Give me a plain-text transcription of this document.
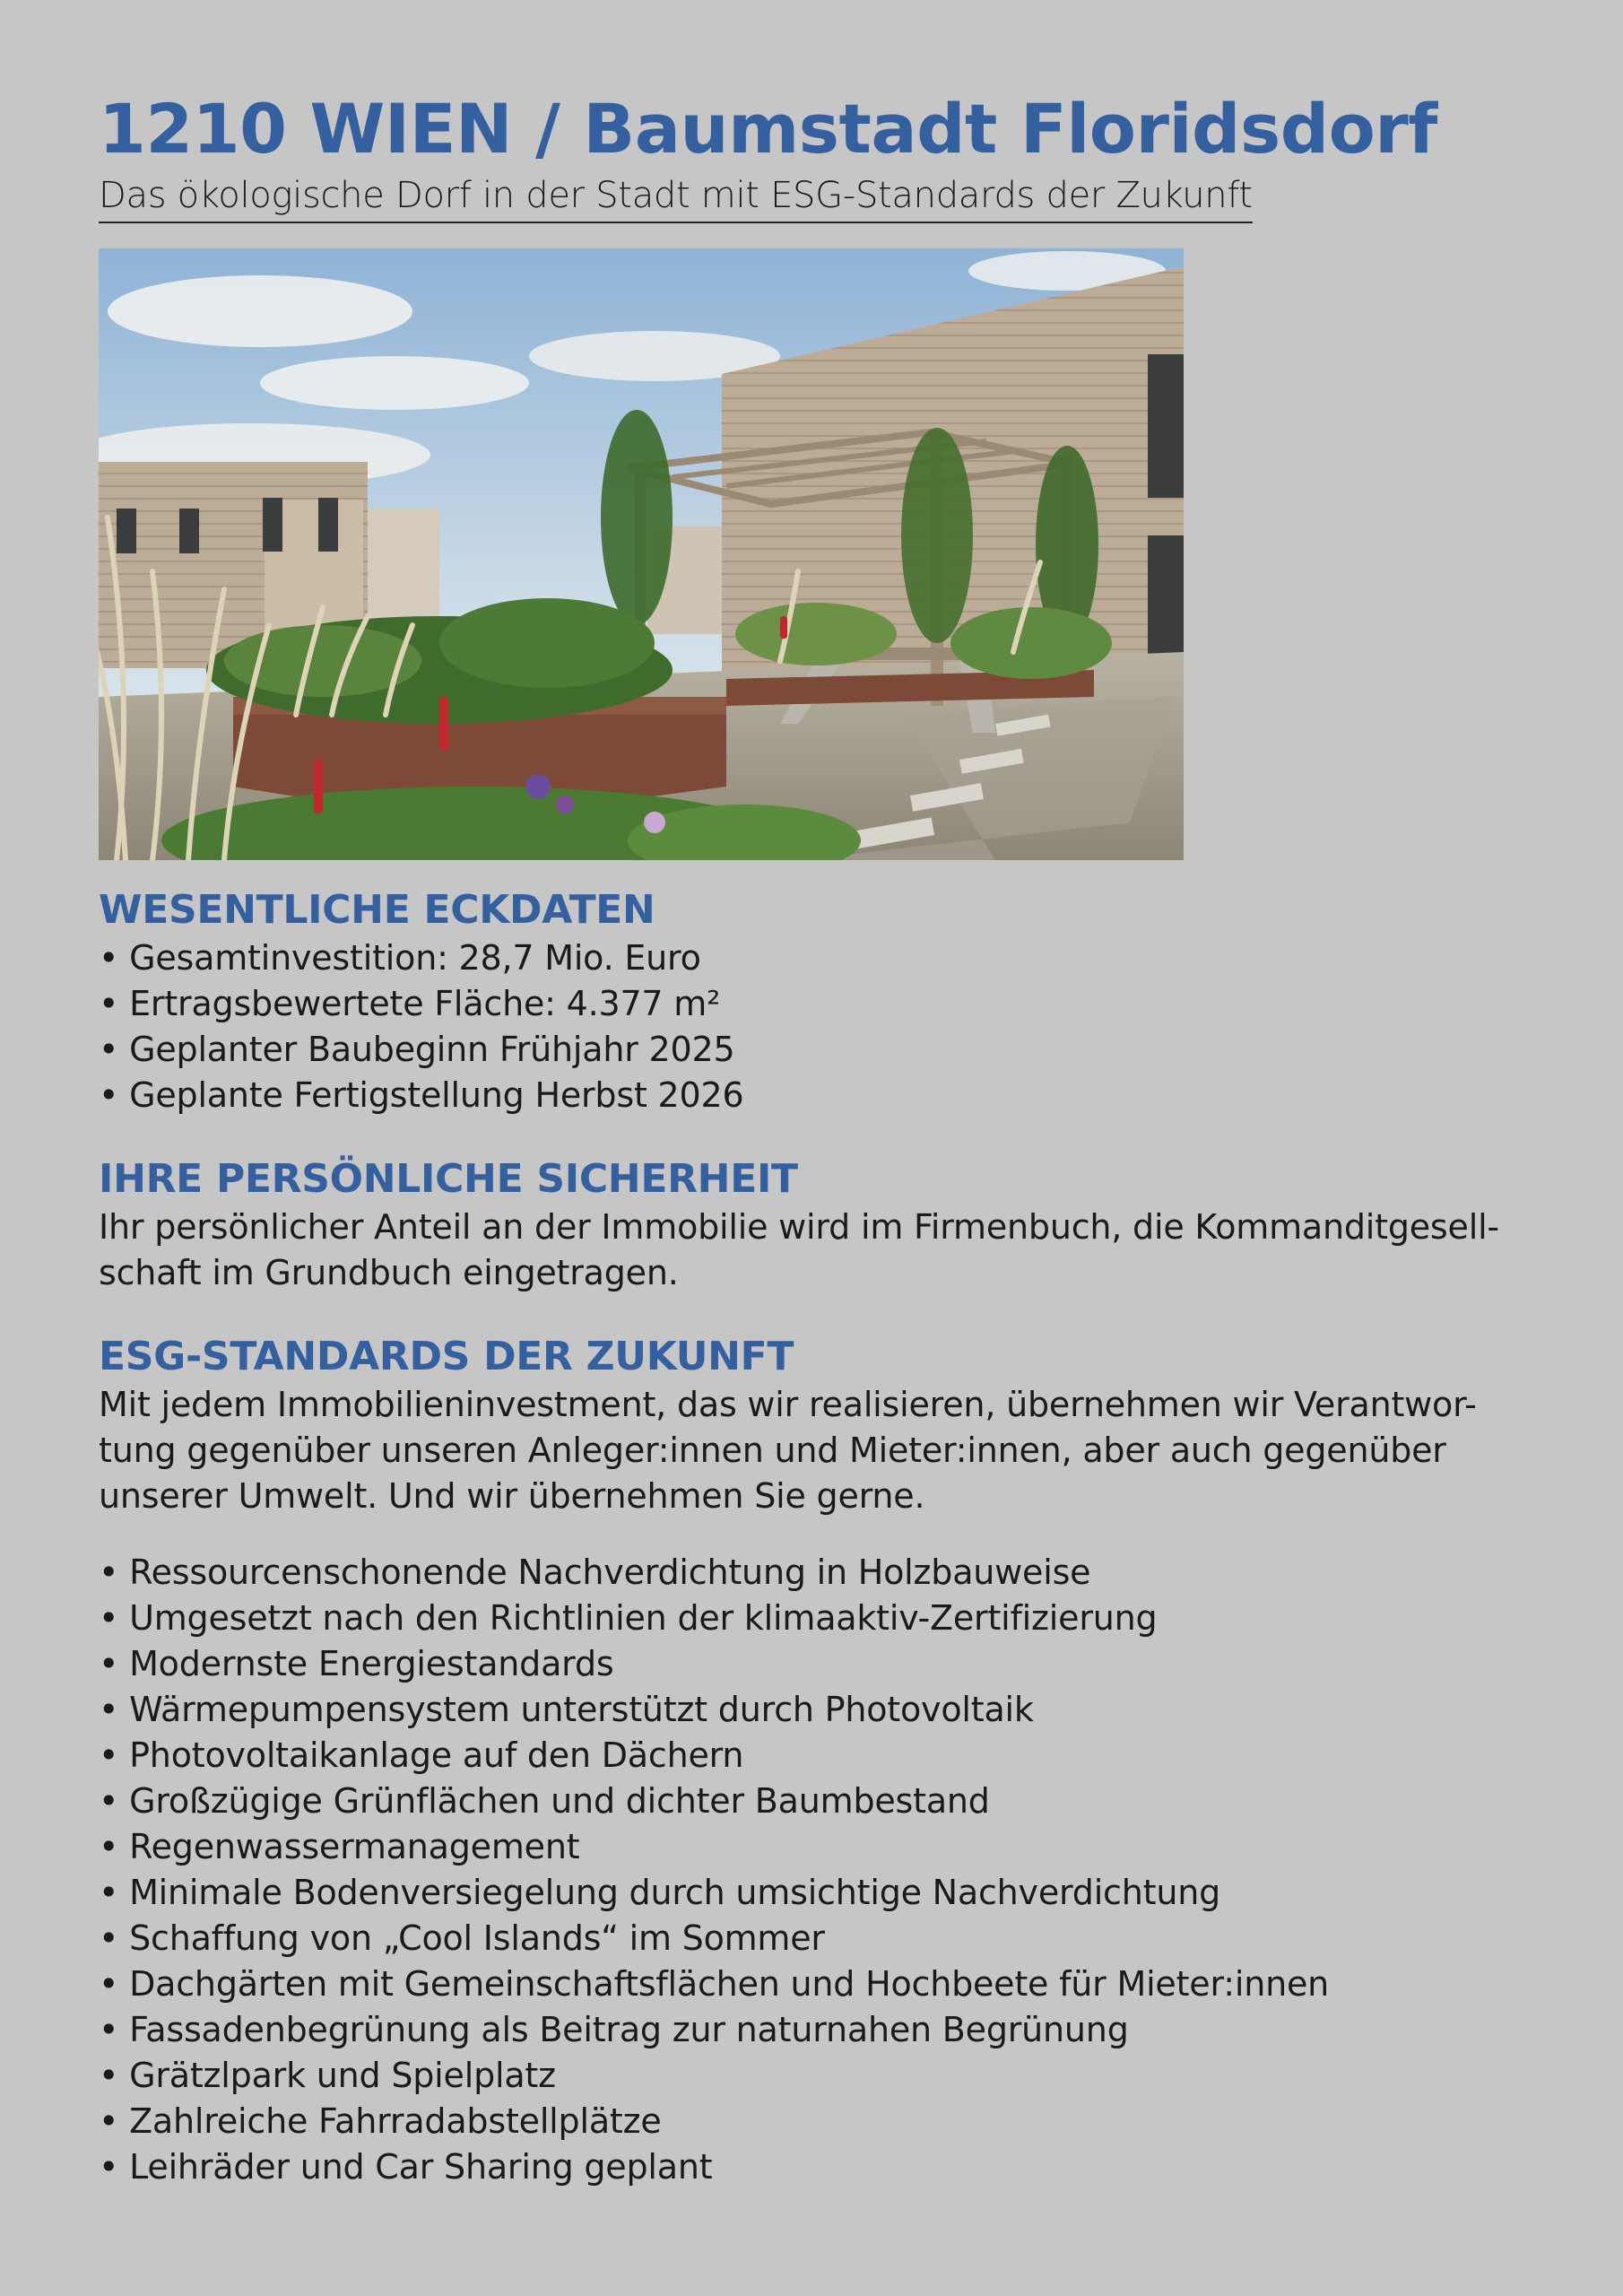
1210 WIEN / Baumstadt Floridsdorf

Das ökologische Dorf in der Stadt mit ESG-Standards der Zukunft

WESENTLICHE ECKDATEN
• Gesamtinvestition: 28,7 Mio. Euro
• Ertragsbewertete Fläche: 4.377 m²
• Geplanter Baubeginn Frühjahr 2025
• Geplante Fertigstellung Herbst 2026
IHRE PERSÖNLICHE SICHERHEIT

Ihr persönlicher Anteil an der Immobilie wird im Firmenbuch, die Kommanditgesell-

schaft im Grundbuch eingetragen.

ESG-STANDARDS DER ZUKUNFT

Mit jedem Immobilieninvestment, das wir realisieren, übernehmen wir Verantwor-

tung gegenüber unseren Anleger:innen und Mieter:innen, aber auch gegenüber

unserer Umwelt. Und wir übernehmen Sie gerne.

• Ressourcenschonende Nachverdichtung in Holzbauweise
• Umgesetzt nach den Richtlinien der klimaaktiv-Zertifizierung
• Modernste Energiestandards
• Wärmepumpensystem unterstützt durch Photovoltaik
• Photovoltaikanlage auf den Dächern
• Großzügige Grünflächen und dichter Baumbestand
• Regenwassermanagement
• Minimale Bodenversiegelung durch umsichtige Nachverdichtung
• Schaffung von „Cool Islands“ im Sommer
• Dachgärten mit Gemeinschaftsflächen und Hochbeete für Mieter:innen
• Fassadenbegrünung als Beitrag zur naturnahen Begrünung
• Grätzlpark und Spielplatz
• Zahlreiche Fahrradabstellplätze
• Leihräder und Car Sharing geplant
